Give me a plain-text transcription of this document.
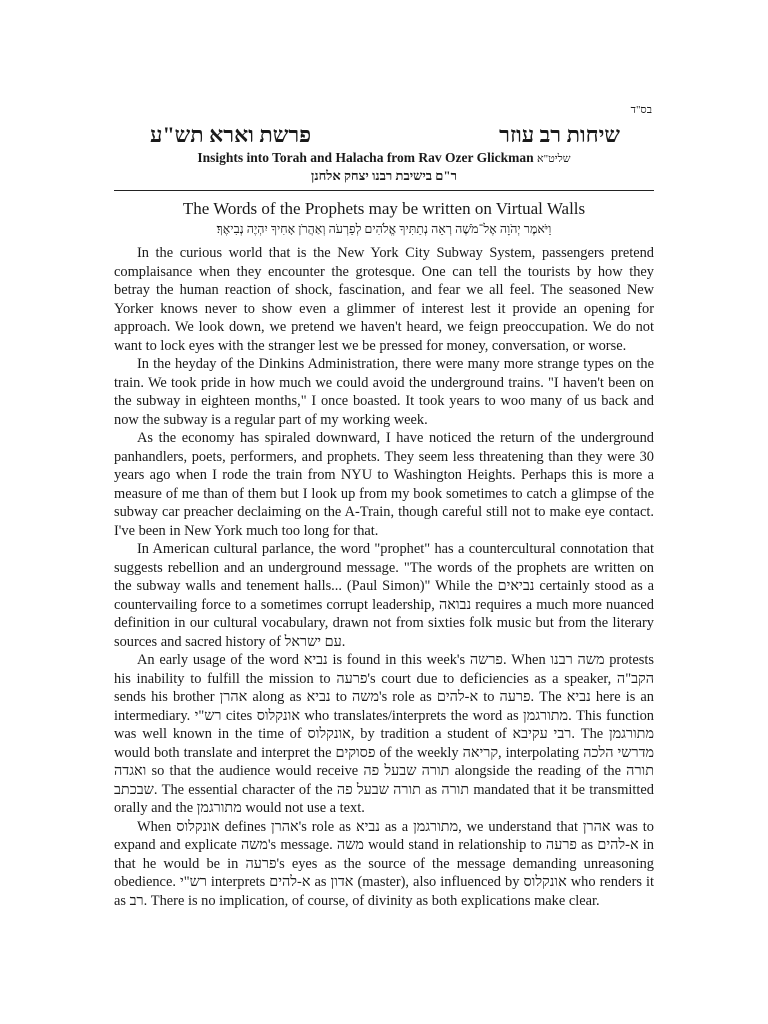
בס"ד
שיחות רב עוזר
פרשת וארא תש"ע
Insights into Torah and Halacha from Rav Ozer Glickman שליט"א
ר"ם בישיבת רבנו יצחק אלחנן
The Words of the Prophets may be written on Virtual Walls
וַיֹּאמֶר יְהֹוָה אֶל־מֹשֶׁה רְאֵה נְתַתִּיךָ אֱלֹהִים לְפַרְעֹה וְאַהֲרֹן אָחִיךָ יִהְיֶה נְבִיאֶךָ׃

In the curious world that is the New York City Subway System, passengers pretend complaisance when they encounter the grotesque. One can tell the tourists by how they betray the human reaction of shock, fascination, and fear we all feel. The seasoned New Yorker knows never to show even a glimmer of interest lest it provide an opening for approach. We look down, we pretend we haven't heard, we feign preoccupation. We do not want to lock eyes with the stranger lest we be pressed for money, conversation, or worse.

In the heyday of the Dinkins Administration, there were many more strange types on the train. We took pride in how much we could avoid the underground trains. "I haven't been on the subway in eighteen months," I once boasted. It took years to woo many of us back and now the subway is a regular part of my working week.

As the economy has spiraled downward, I have noticed the return of the underground panhandlers, poets, performers, and prophets. They seem less threatening than they were 30 years ago when I rode the train from NYU to Washington Heights. Perhaps this is more a measure of me than of them but I look up from my book sometimes to catch a glimpse of the subway car preacher declaiming on the A-Train, though careful still not to make eye contact. I've been in New York much too long for that.

In American cultural parlance, the word "prophet" has a countercultural connotation that suggests rebellion and an underground message. "The words of the prophets are written on the subway walls and tenement halls... (Paul Simon)" While the נביאים certainly stood as a countervailing force to a sometimes corrupt leadership, נבואה requires a much more nuanced definition in our cultural vocabulary, drawn not from sixties folk music but from the literary sources and sacred history of עם ישראל.

An early usage of the word נביא is found in this week's פרשה. When משה רבנו protests his inability to fulfill the mission to פרעה's court due to deficiencies as a speaker, הקב"ה sends his brother אהרן along as נביא to משה's role as א-להים to פרעה. The נביא here is an intermediary. רש"י cites אונקלוס who translates/interprets the word as מתורגמן. This function was well known in the time of אונקלוס, by tradition a student of רבי עקיבא. The מתורגמן would both translate and interpret the פסוקים of the weekly קריאה, interpolating מדרשי הלכה ואגדה so that the audience would receive תורה שבעל פה alongside the reading of the תורה שבכתב. The essential character of the תורה שבעל פה as תורה mandated that it be transmitted orally and the מתורגמן would not use a text.

When אונקלוס defines אהרן's role as נביא as a מתורגמן, we understand that אהרן was to expand and explicate משה's message. משה would stand in relationship to פרעה as א-להים in that he would be in פרעה's eyes as the source of the message demanding unreasoning obedience. רש"י interprets א-להים as אדון (master), also influenced by אונקלוס who renders it as רב. There is no implication, of course, of divinity as both explications make clear.
